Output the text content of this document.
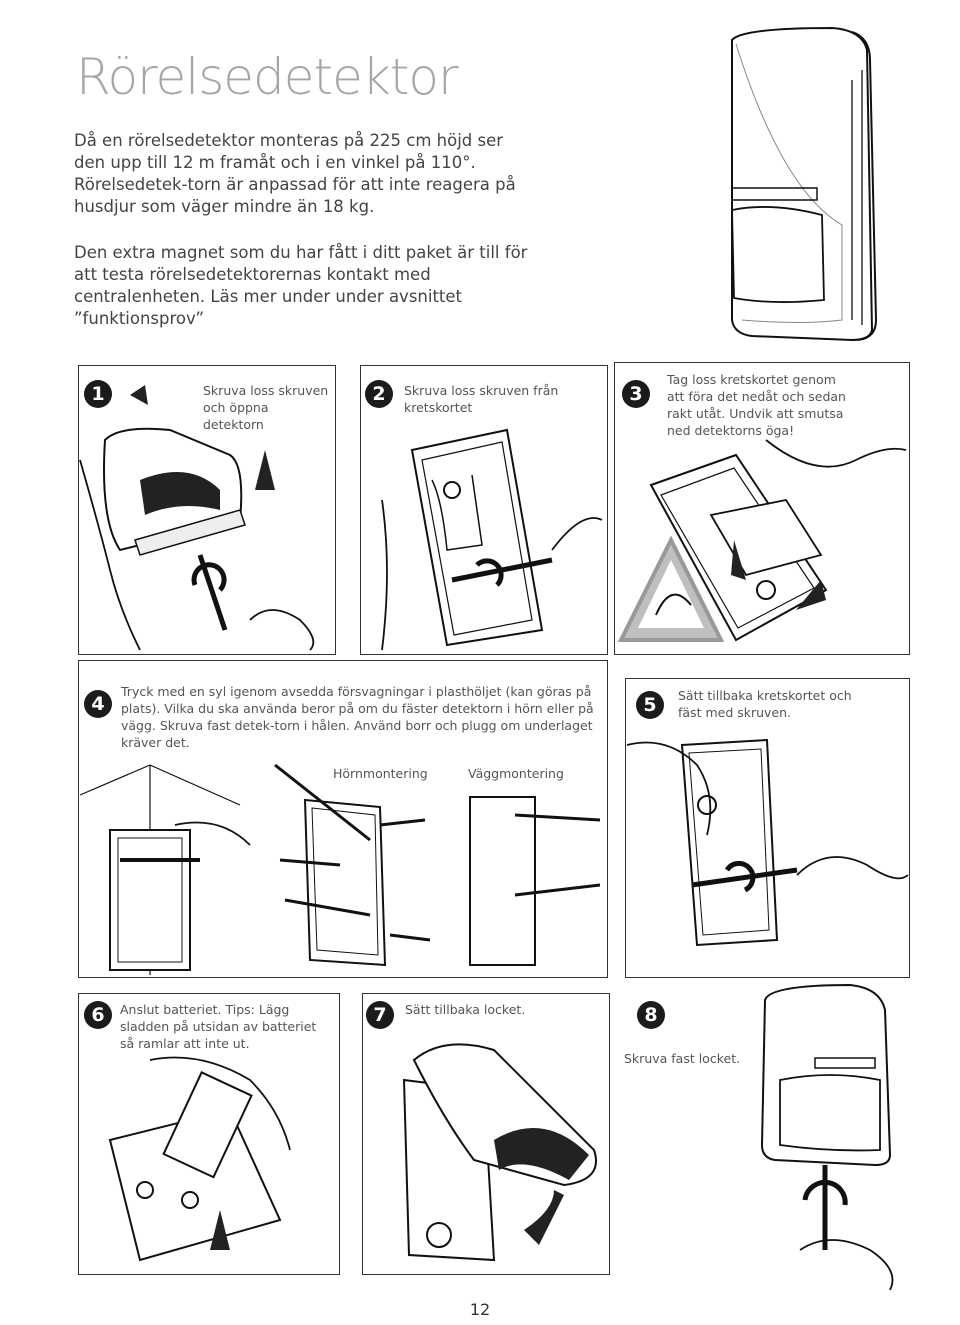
Rörelsedetektor

Då en rörelsedetektor monteras på 225 cm höjd ser den upp till 12 m framåt och i en vinkel på 110°. Rörelsedetek-torn är anpassad för att inte reagera på husdjur som väger mindre än 18 kg.

Den extra magnet som du har fått i ditt paket är till för att testa rörelsedetektorernas kontakt med centralenheten. Läs mer under under avsnittet ”funktionsprov”

1	Skruva loss skruven och öppna detektorn
2	Skruva loss skruven från kretskortet
3
Tag loss kretskortet genom att föra det nedåt och sedan rakt utåt. Undvik att smutsa ned detektorns öga!
4
Tryck med en syl igenom avsedda försvagningar i plasthöljet (kan göras på plats). Vilka du ska använda beror på om du fäster detektorn i hörn eller på vägg. Skruva fast detek-torn i hålen. Använd borr och plugg om underlaget kräver det.
Hörnmontering	Väggmontering
5	Sätt tillbaka kretskortet och fäst med skruven.
6	Anslut batteriet. Tips: Lägg sladden på utsidan av batteriet så ramlar att inte ut.
7	Sätt tillbaka locket.	8
Skruva fast locket.
12
